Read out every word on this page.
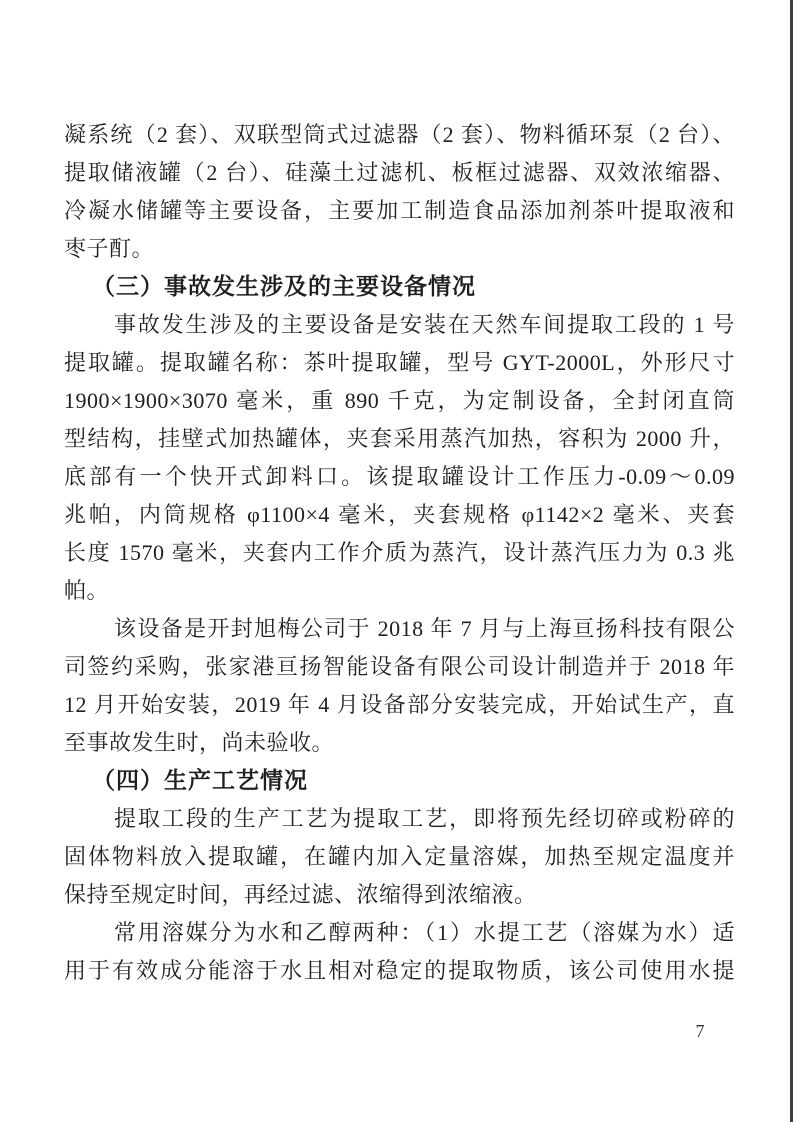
凝系统（2 套）、双联型筒式过滤器（2 套）、物料循环泵（2 台）、
提取储液罐（2 台）、硅藻土过滤机、板框过滤器、双效浓缩器、
冷凝水储罐等主要设备，主要加工制造食品添加剂茶叶提取液和
枣子酊。
（三）事故发生涉及的主要设备情况
事故发生涉及的主要设备是安装在天然车间提取工段的 1 号
提取罐。提取罐名称：茶叶提取罐，型号 GYT-2000L，外形尺寸
1900×1900×3070 毫米，重 890 千克，为定制设备，全封闭直筒
型结构，挂壁式加热罐体，夹套采用蒸汽加热，容积为 2000 升，
底部有一个快开式卸料口。该提取罐设计工作压力-0.09～0.09
兆帕，内筒规格 φ1100×4 毫米，夹套规格 φ1142×2 毫米、夹套
长度 1570 毫米，夹套内工作介质为蒸汽，设计蒸汽压力为 0.3 兆
帕。
该设备是开封旭梅公司于 2018 年 7 月与上海亘扬科技有限公
司签约采购，张家港亘扬智能设备有限公司设计制造并于 2018 年
12 月开始安装，2019 年 4 月设备部分安装完成，开始试生产，直
至事故发生时，尚未验收。
（四）生产工艺情况
提取工段的生产工艺为提取工艺，即将预先经切碎或粉碎的
固体物料放入提取罐，在罐内加入定量溶媒，加热至规定温度并
保持至规定时间，再经过滤、浓缩得到浓缩液。
常用溶媒分为水和乙醇两种：（1）水提工艺（溶媒为水）适
用于有效成分能溶于水且相对稳定的提取物质，该公司使用水提
7
